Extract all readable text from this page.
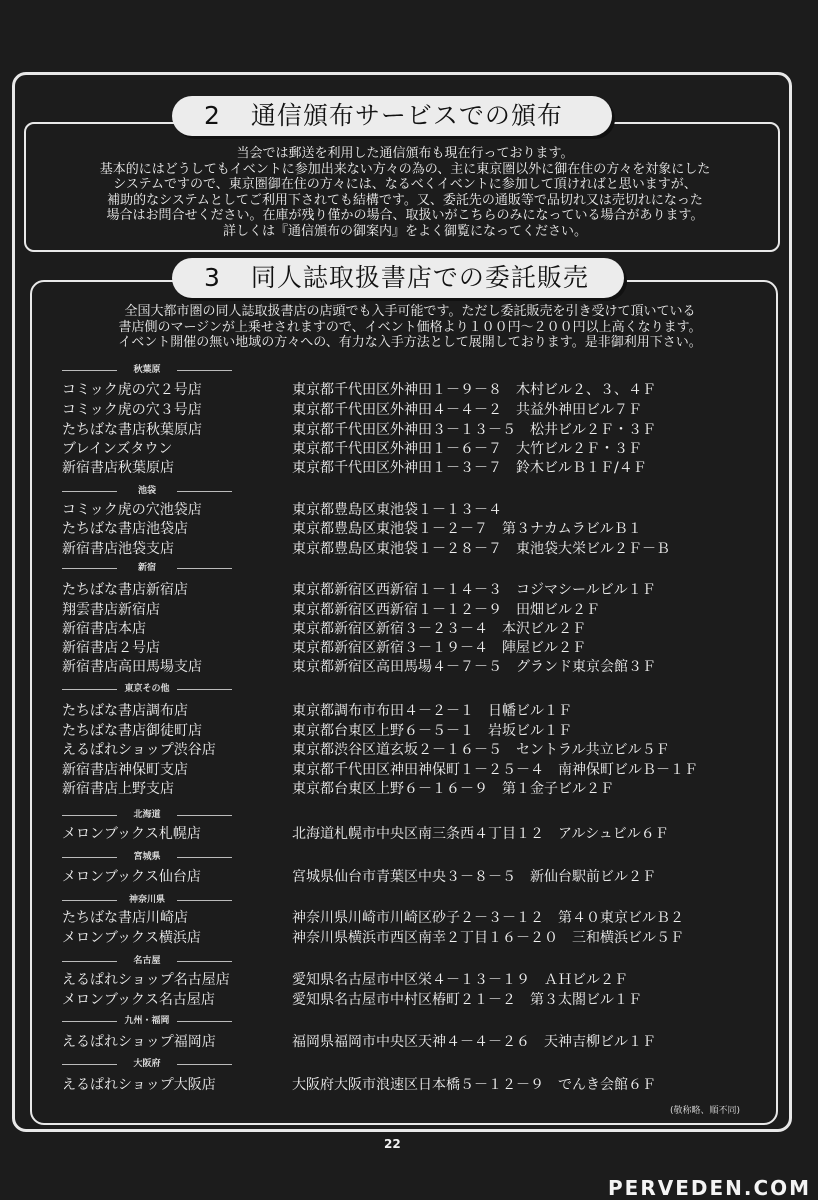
2 通信頒布サービスでの頒布
当会では郵送を利用した通信頒布も現在行っております。
基本的にはどうしてもイベントに参加出来ない方々の為の、主に東京圏以外に御在住の方々を対象にした
システムですので、東京圏御在住の方々には、なるべくイベントに参加して頂ければと思いますが、
補助的なシステムとしてご利用下されても結構です。又、委託先の通販等で品切れ又は売切れになった
場合はお問合せください。在庫が残り僅かの場合、取扱いがこちらのみになっている場合があります。
詳しくは『通信頒布の御案内』をよく御覧になってください。
3 同人誌取扱書店での委託販売
全国大都市圏の同人誌取扱書店の店頭でも入手可能です。ただし委託販売を引き受けて頂いている
書店側のマージンが上乗せされますので、イベント価格より１００円～２００円以上高くなります。
イベント開催の無い地域の方々への、有力な入手方法として展開しております。是非御利用下さい。
秋葉原
池袋
新宿
東京その他
北海道
宮城県
神奈川県
名古屋
九州・福岡
大阪府
コミック虎の穴２号店	東京都千代田区外神田１－９－８　木村ビル２、３、４Ｆ
コミック虎の穴３号店	東京都千代田区外神田４－４－２　共益外神田ビル７Ｆ
たちばな書店秋葉原店	東京都千代田区外神田３－１３－５　松井ビル２Ｆ・３Ｆ
ブレインズタウン	東京都千代田区外神田１－６－７　大竹ビル２Ｆ・３Ｆ
新宿書店秋葉原店	東京都千代田区外神田１－３－７　鈴木ビルＢ１Ｆ/４Ｆ
コミック虎の穴池袋店	東京都豊島区東池袋１－１３－４
たちばな書店池袋店	東京都豊島区東池袋１－２－７　第３ナカムラビルＢ１
新宿書店池袋支店	東京都豊島区東池袋１－２８－７　東池袋大栄ビル２Ｆ－Ｂ
たちばな書店新宿店	東京都新宿区西新宿１－１４－３　コジマシールビル１Ｆ
翔雲書店新宿店	東京都新宿区西新宿１－１２－９　田畑ビル２Ｆ
新宿書店本店	東京都新宿区新宿３－２３－４　本沢ビル２Ｆ
新宿書店２号店	東京都新宿区新宿３－１９－４　陣屋ビル２Ｆ
新宿書店高田馬場支店	東京都新宿区高田馬場４－７－５　グランド東京会館３Ｆ
たちばな書店調布店	東京都調布市布田４－２－１　日幡ビル１Ｆ
たちばな書店御徒町店	東京都台東区上野６－５－１　岩坂ビル１Ｆ
えるぱれショップ渋谷店	東京都渋谷区道玄坂２－１６－５　セントラル共立ビル５Ｆ
新宿書店神保町支店	東京都千代田区神田神保町１－２５－４　南神保町ビルＢ－１Ｆ
新宿書店上野支店	東京都台東区上野６－１６－９　第１金子ビル２Ｆ
メロンブックス札幌店	北海道札幌市中央区南三条西４丁目１２　アルシュビル６Ｆ
メロンブックス仙台店	宮城県仙台市青葉区中央３－８－５　新仙台駅前ビル２Ｆ
たちばな書店川崎店	神奈川県川崎市川崎区砂子２－３－１２　第４０東京ビルＢ２
メロンブックス横浜店	神奈川県横浜市西区南幸２丁目１６－２０　三和横浜ビル５Ｆ
えるぱれショップ名古屋店	愛知県名古屋市中区栄４－１３－１９　ＡＨビル２Ｆ
メロンブックス名古屋店	愛知県名古屋市中村区椿町２１－２　第３太閤ビル１Ｆ
えるぱれショップ福岡店	福岡県福岡市中央区天神４－４－２６　天神吉柳ビル１Ｆ
えるぱれショップ大阪店	大阪府大阪市浪速区日本橋５－１２－９　でんき会館６Ｆ
(敬称略、順不同)
22
PERVEDEN.COM
